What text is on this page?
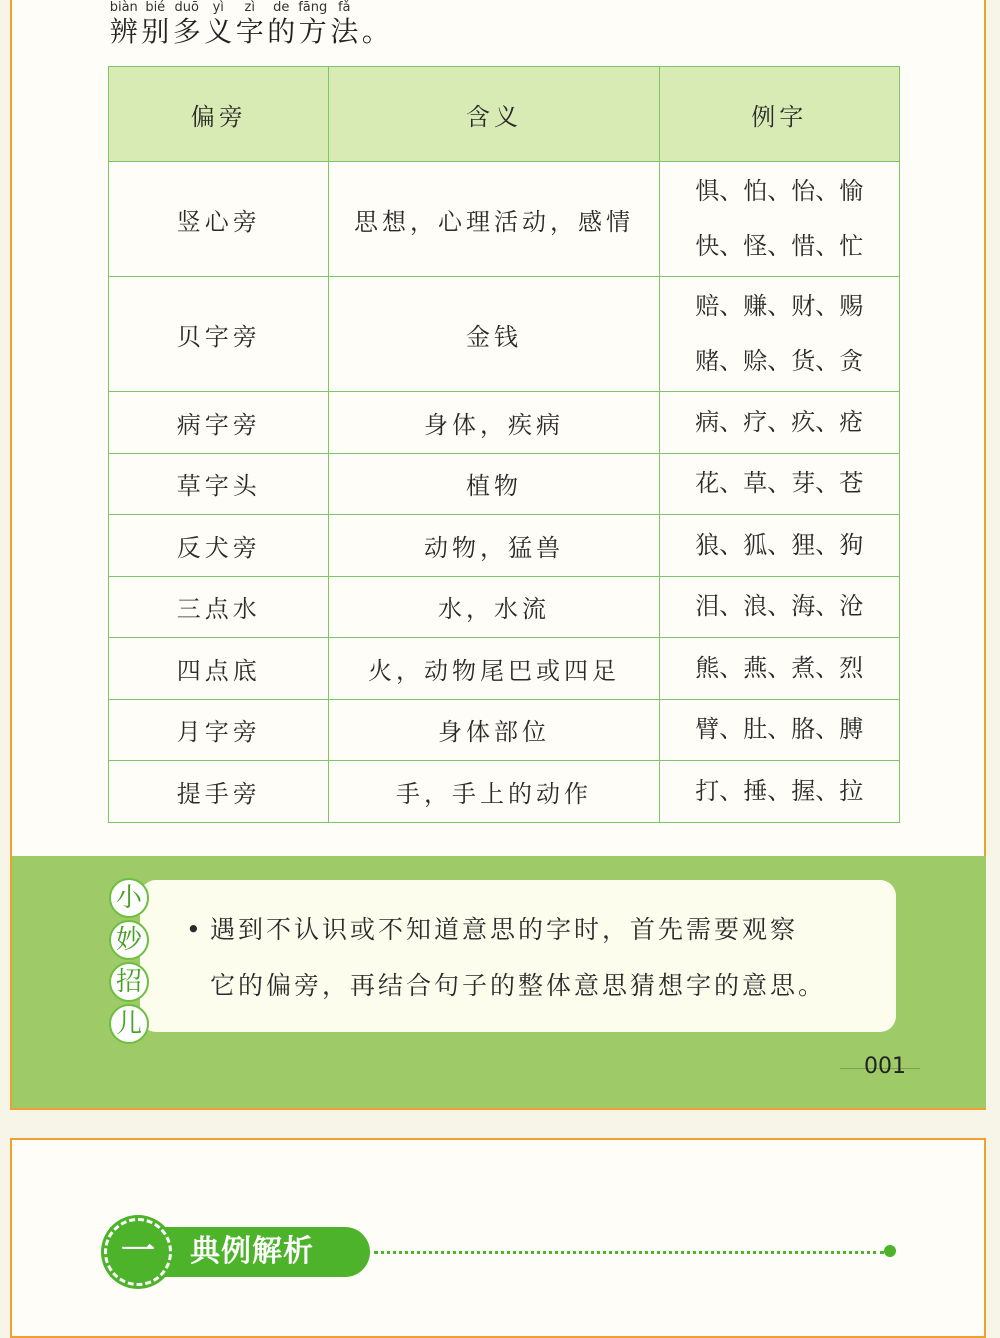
biàn bié duō	yì	zì	de fāng fǎ
辨 别 多 义 字 的 方 法 。
偏旁	含义	例字
竖心旁	思想，心理活动，感情	惧、怕、怡、愉
快、怪、惜、忙

贝字旁	金钱	赔、赚、财、赐
赌、赊、货、贪

病字旁	身体，疾病	病、疗、疚、疮

草字头	植物	花、草、芽、苍

反犬旁	动物，猛兽	狼、狐、狸、狗

三点水	水，水流	泪、浪、海、沧

四点底	火，动物尾巴或四足	熊、燕、煮、烈

月字旁	身体部位	臂、肚、胳、膊

提手旁	手，手上的动作	打、捶、握、拉
• 遇到不认识或不知道意思的字时，首先需要观察
它的偏旁，再结合句子的整体意思猜想字的意思。
小
妙
招
儿
001
一	典例解析
